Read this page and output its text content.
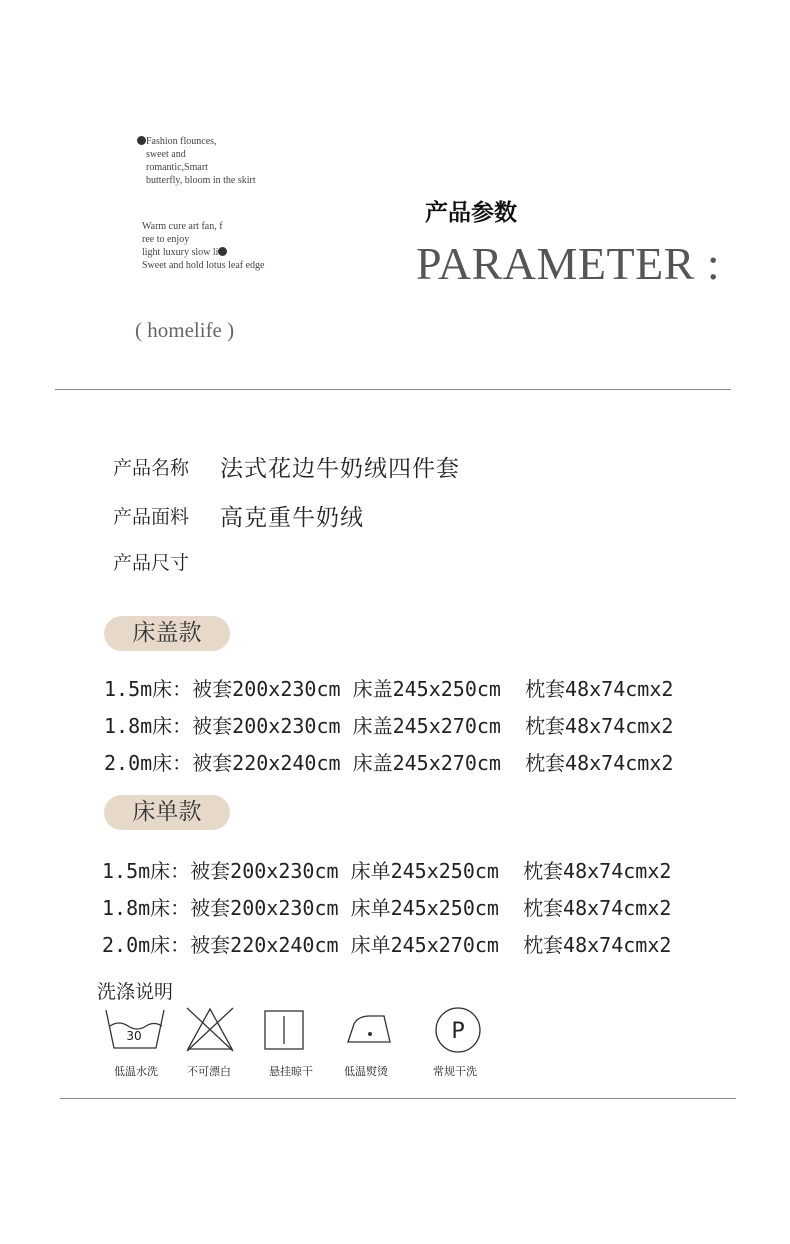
Fashion flounces,
sweet and
romantic,Smart
butterfly, bloom in the skirt
Warm cure art fan, f
ree to enjoy
light luxury slow li
Sweet and hold lotus leaf edge
( homelife )
产品参数
PARAMETER :
产品名称 法式花边牛奶绒四件套
产品面料 高克重牛奶绒
产品尺寸
床盖款
1.5m床：被套200x230cm 床盖245x250cm 枕套48x74cmx2
1.8m床：被套200x230cm 床盖245x270cm 枕套48x74cmx2
2.0m床：被套220x240cm 床盖245x270cm 枕套48x74cmx2
床单款
1.5m床：被套200x230cm 床单245x250cm 枕套48x74cmx2
1.8m床：被套200x230cm 床单245x250cm 枕套48x74cmx2
2.0m床：被套220x240cm 床单245x270cm 枕套48x74cmx2
洗涤说明
30
低温水洗	不可漂白	悬挂晾干	低温熨烫
P
常规干洗
